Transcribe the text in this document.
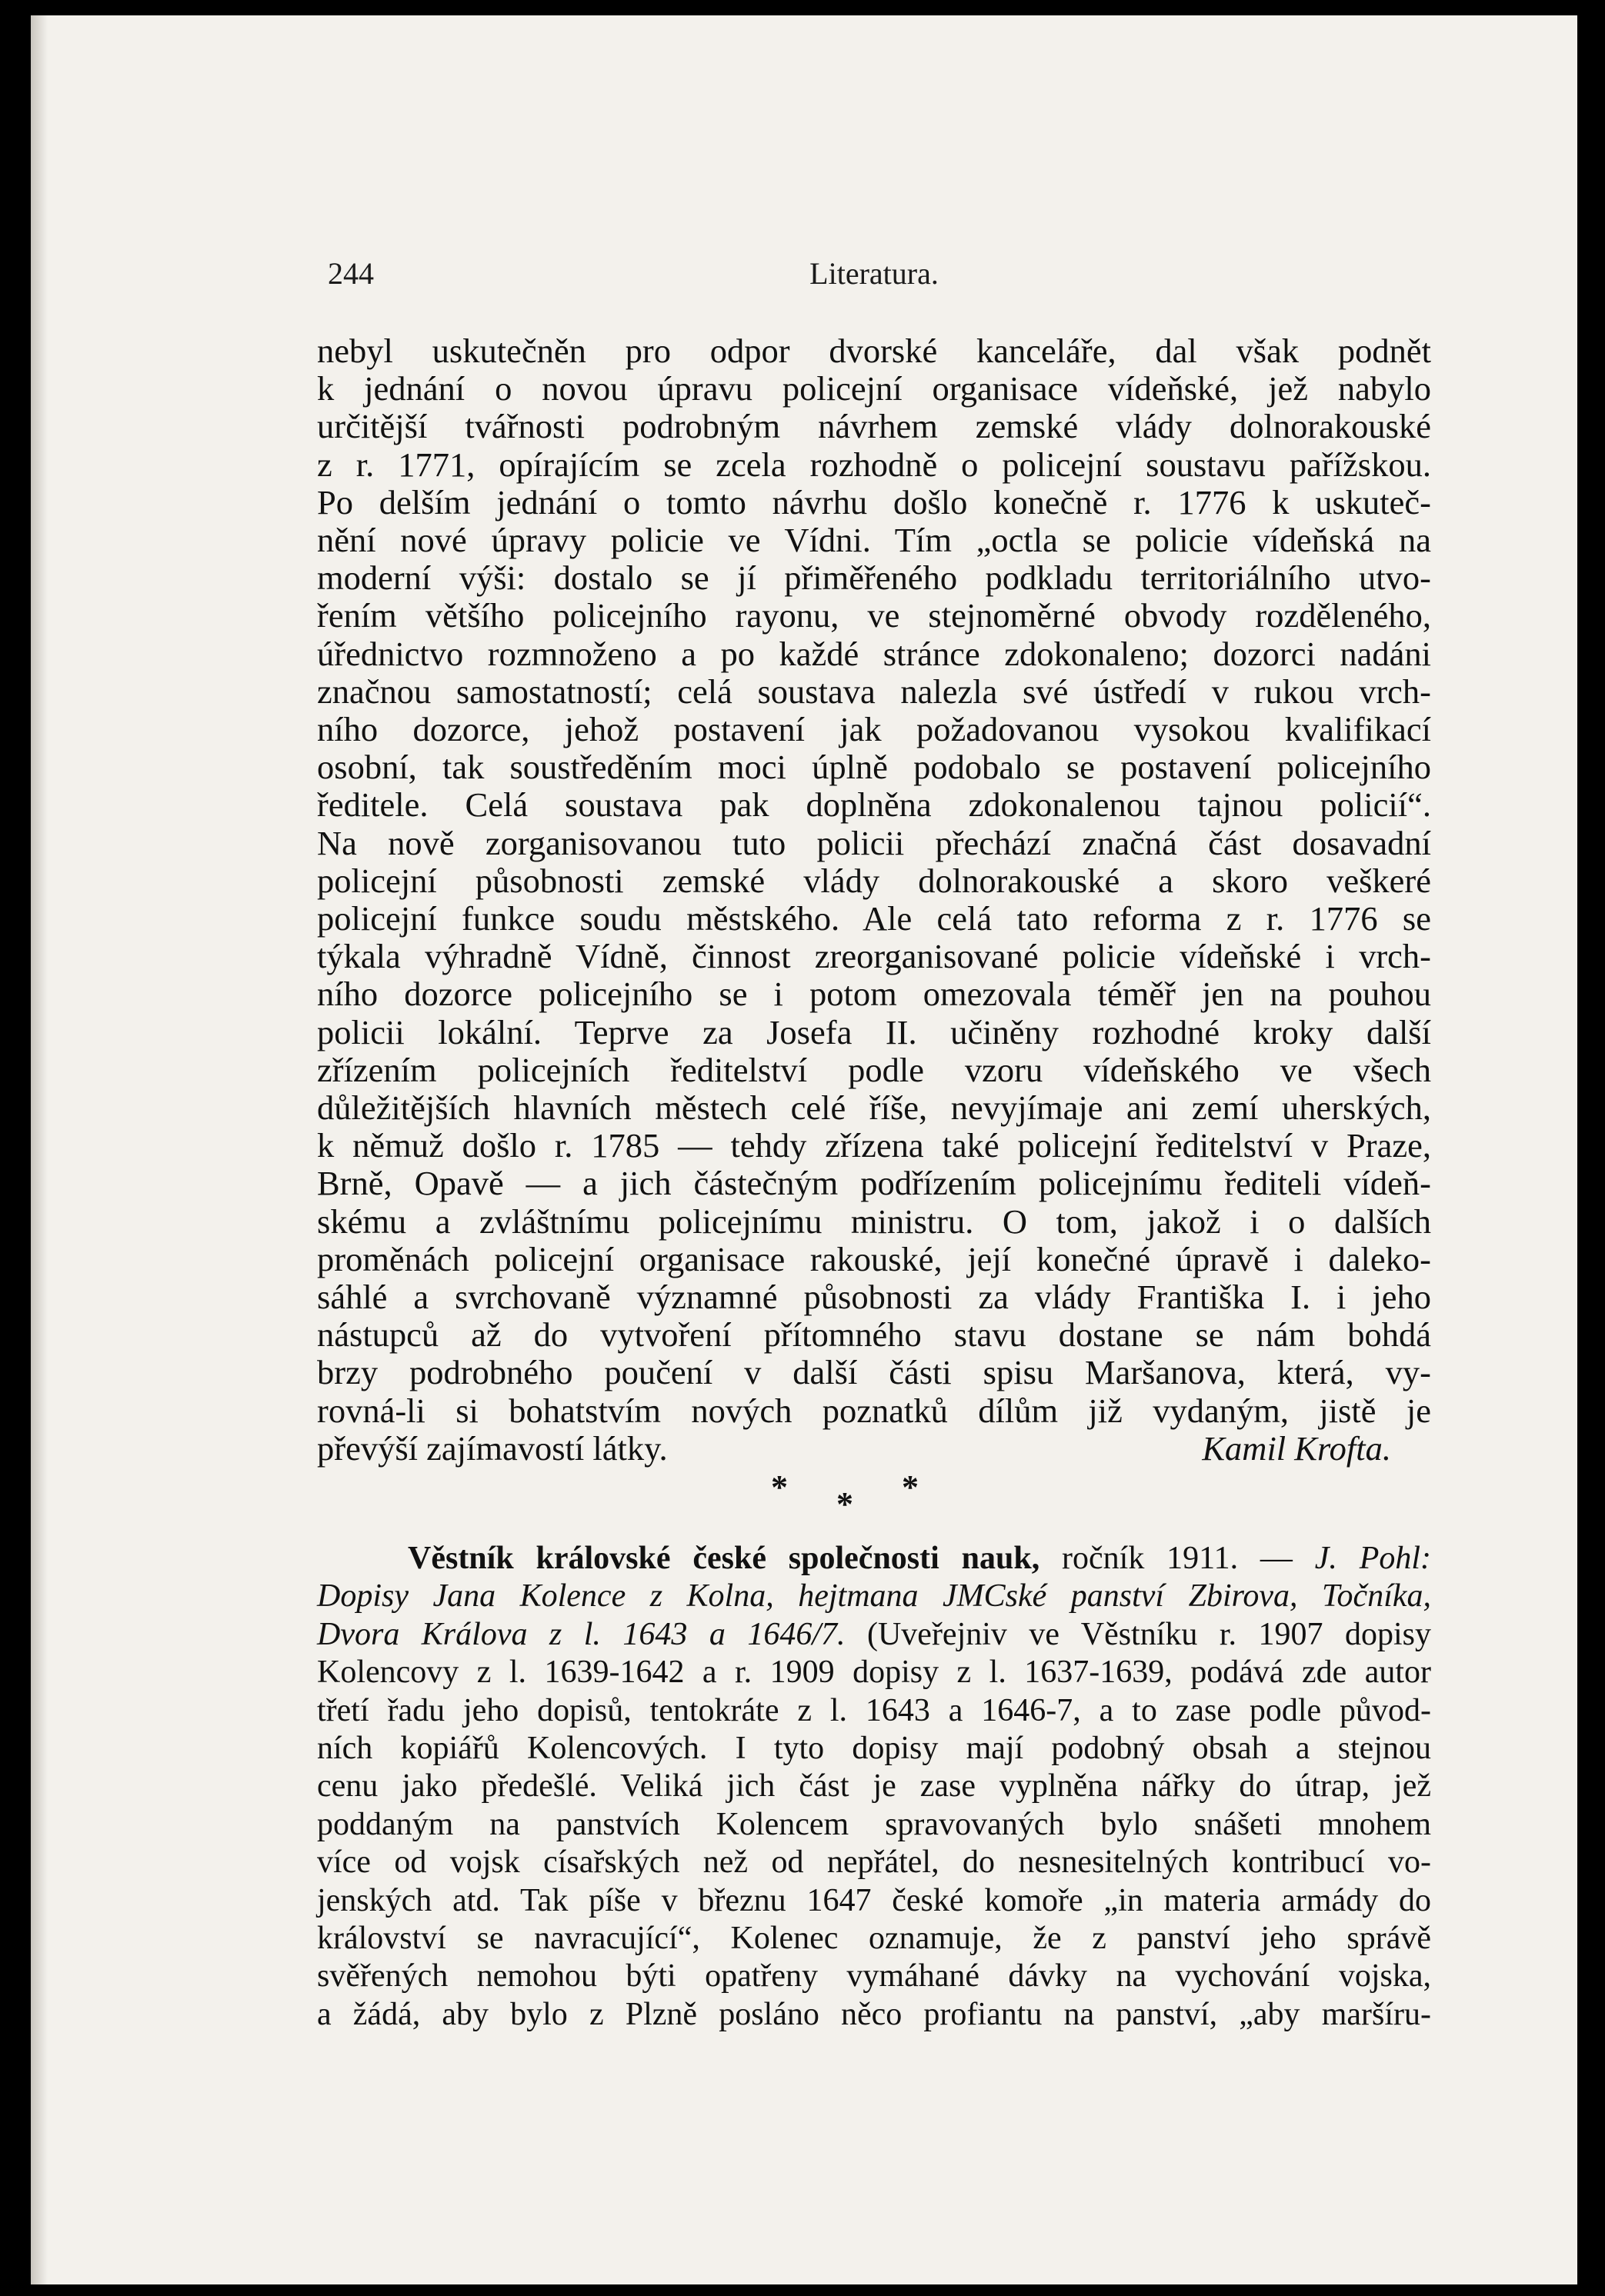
244	Literatura.
nebyl uskutečněn pro odpor dvorské kanceláře, dal však podnět
k jednání o novou úpravu policejní organisace vídeňské, jež nabylo
určitější tvářnosti podrobným návrhem zemské vlády dolnorakouské
z r. 1771, opírajícím se zcela rozhodně o policejní soustavu pařížskou.
Po delším jednání o tomto návrhu došlo konečně r. 1776 k uskuteč-
nění nové úpravy policie ve Vídni. Tím „octla se policie vídeňská na
moderní výši: dostalo se jí přiměřeného podkladu territoriálního utvo-
řením většího policejního rayonu, ve stejnoměrné obvody rozděleného,
úřednictvo rozmnoženo a po každé stránce zdokonaleno; dozorci nadáni
značnou samostatností; celá soustava nalezla své ústředí v rukou vrch-
ního dozorce, jehož postavení jak požadovanou vysokou kvalifikací
osobní, tak soustředěním moci úplně podobalo se postavení policejního
ředitele. Celá soustava pak doplněna zdokonalenou tajnou policií“.
Na nově zorganisovanou tuto policii přechází značná část dosavadní
policejní působnosti zemské vlády dolnorakouské a skoro veškeré
policejní funkce soudu městského. Ale celá tato reforma z r. 1776 se
týkala výhradně Vídně, činnost zreorganisované policie vídeňské i vrch-
ního dozorce policejního se i potom omezovala téměř jen na pouhou
policii lokální. Teprve za Josefa II. učiněny rozhodné kroky další
zřízením policejních ředitelství podle vzoru vídeňského ve všech
důležitějších hlavních městech celé říše, nevyjímaje ani zemí uherských,
k němuž došlo r. 1785 — tehdy zřízena také policejní ředitelství v Praze,
Brně, Opavě — a jich částečným podřízením policejnímu řediteli vídeň-
skému a zvláštnímu policejnímu ministru. O tom, jakož i o dalších
proměnách policejní organisace rakouské, její konečné úpravě i daleko-
sáhlé a svrchovaně významné působnosti za vlády Františka I. i jeho
nástupců až do vytvoření přítomného stavu dostane se nám bohdá
brzy podrobného poučení v další části spisu Maršanova, která, vy-
rovná-li si bohatstvím nových poznatků dílům již vydaným, jistě je
převýší zajímavostí látky.	Kamil Krofta.
* * *
Věstník královské české společnosti nauk, ročník 1911. — J. Pohl:
Dopisy Jana Kolence z Kolna, hejtmana JMCské panství Zbirova, Točníka,
Dvora Králova z l. 1643 a 1646/7. (Uveřejniv ve Věstníku r. 1907 dopisy
Kolencovy z l. 1639-1642 a r. 1909 dopisy z l. 1637-1639, podává zde autor
třetí řadu jeho dopisů, tentokráte z l. 1643 a 1646-7, a to zase podle původ-
ních kopiářů Kolencových. I tyto dopisy mají podobný obsah a stejnou
cenu jako předešlé. Veliká jich část je zase vyplněna nářky do útrap, jež
poddaným na panstvích Kolencem spravovaných bylo snášeti mnohem
více od vojsk císařských než od nepřátel, do nesnesitelných kontribucí vo-
jenských atd. Tak píše v březnu 1647 české komoře „in materia armády do
království se navracující“, Kolenec oznamuje, že z panství jeho správě
svěřených nemohou býti opatřeny vymáhané dávky na vychování vojska,
a žádá, aby bylo z Plzně posláno něco profiantu na panství, „aby maršíru-
